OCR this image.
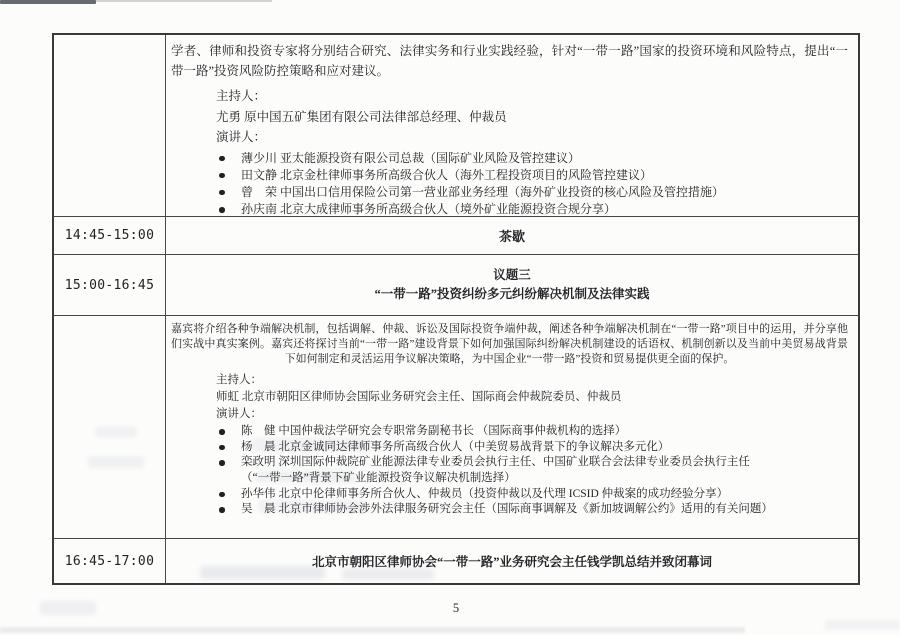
学者、律师和投资专家将分别结合研究、法律实务和行业实践经验，针对“一带一路”国家的投资环境和风险特点，提出“一带一路”投资风险防控策略和应对建议。

主持人：
尤勇 原中国五矿集团有限公司法律部总经理、仲裁员
演讲人：
薄少川 亚太能源投资有限公司总裁（国际矿业风险及管控建议）
田文静 北京金杜律师事务所高级合伙人（海外工程投资项目的风险管控建议）
曾　荣 中国出口信用保险公司第一营业部业务经理（海外矿业投资的核心风险及管控措施）
孙庆南 北京大成律师事务所高级合伙人（境外矿业能源投资合规分享）
14:45-15:00	茶歇
15:00-16:45
议题三
“一带一路”投资纠纷多元纠纷解决机制及法律实践

嘉宾将介绍各种争端解决机制，包括调解、仲裁、诉讼及国际投资争端仲裁，阐述各种争端解决机制在“一带一路”项目中的运用，并分享他们实战中真实案例。嘉宾还将探讨当前“一带一路”建设背景下如何加强国际纠纷解决机制建设的话语权、机制创新以及当前中美贸易战背景下如何制定和灵活运用争议解决策略，为中国企业“一带一路”投资和贸易提供更全面的保护。

主持人：
师虹 北京市朝阳区律师协会国际业务研究会主任、国际商会仲裁院委员、仲裁员
演讲人：
陈　健 中国仲裁法学研究会专职常务副秘书长 （国际商事仲裁机构的选择）
杨　晨 北京金诚同达律师事务所高级合伙人（中美贸易战背景下的争议解决多元化）
栾政明 深圳国际仲裁院矿业能源法律专业委员会执行主任、中国矿业联合会法律专业委员会执行主任
（“一带一路”背景下矿业能源投资争议解决机制选择）
孙华伟 北京中伦律师事务所合伙人、仲裁员（投资仲裁以及代理 ICSID 仲裁案的成功经验分享）
吴　晨 北京市律师协会涉外法律服务研究会主任（国际商事调解及《新加坡调解公约》适用的有关问题）
16:45-17:00	北京市朝阳区律师协会“一带一路”业务研究会主任钱学凯总结并致闭幕词
5
